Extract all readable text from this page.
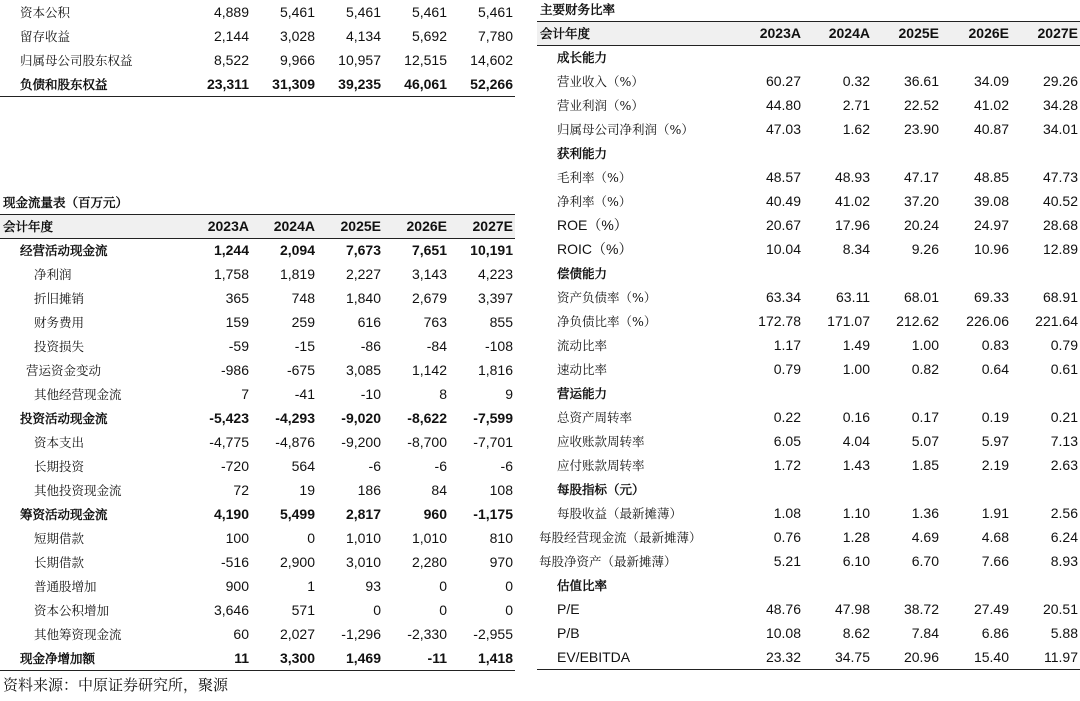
资本公积	4,889	5,461	5,461	5,461	5,461
留存收益	2,144	3,028	4,134	5,692	7,780
归属母公司股东权益	8,522	9,966	10,957	12,515	14,602
负债和股东权益	23,311	31,309	39,235	46,061	52,266
现金流量表（百万元）
会计年度	2023A	2024A	2025E	2026E	2027E
经营活动现金流	1,244	2,094	7,673	7,651	10,191
净利润	1,758	1,819	2,227	3,143	4,223
折旧摊销	365	748	1,840	2,679	3,397
财务费用	159	259	616	763	855
投资损失	-59	-15	-86	-84	-108
营运资金变动	-986	-675	3,085	1,142	1,816
其他经营现金流	7	-41	-10	8	9
投资活动现金流	-5,423	-4,293	-9,020	-8,622	-7,599
资本支出	-4,775	-4,876	-9,200	-8,700	-7,701
长期投资	-720	564	-6	-6	-6
其他投资现金流	72	19	186	84	108
筹资活动现金流	4,190	5,499	2,817	960	-1,175
短期借款	100	0	1,010	1,010	810
长期借款	-516	2,900	3,010	2,280	970
普通股增加	900	1	93	0	0
资本公积增加	3,646	571	0	0	0
其他筹资现金流	60	2,027	-1,296	-2,330	-2,955
现金净增加额	11	3,300	1,469	-11	1,418
主要财务比率
会计年度	2023A	2024A	2025E	2026E	2027E
成长能力					
营业收入（%）	60.27	0.32	36.61	34.09	29.26
营业利润（%）	44.80	2.71	22.52	41.02	34.28
归属母公司净利润（%）	47.03	1.62	23.90	40.87	34.01
获利能力					
毛利率（%）	48.57	48.93	47.17	48.85	47.73
净利率（%）	40.49	41.02	37.20	39.08	40.52
ROE（%）	20.67	17.96	20.24	24.97	28.68
ROIC（%）	10.04	8.34	9.26	10.96	12.89
偿债能力					
资产负债率（%）	63.34	63.11	68.01	69.33	68.91
净负债比率（%）	172.78	171.07	212.62	226.06	221.64
流动比率	1.17	1.49	1.00	0.83	0.79
速动比率	0.79	1.00	0.82	0.64	0.61
营运能力					
总资产周转率	0.22	0.16	0.17	0.19	0.21
应收账款周转率	6.05	4.04	5.07	5.97	7.13
应付账款周转率	1.72	1.43	1.85	2.19	2.63
每股指标（元）					
每股收益（最新摊薄）	1.08	1.10	1.36	1.91	2.56
每股经营现金流（最新摊薄）	0.76	1.28	4.69	4.68	6.24
每股净资产（最新摊薄）	5.21	6.10	6.70	7.66	8.93
估值比率					
P/E	48.76	47.98	38.72	27.49	20.51
P/B	10.08	8.62	7.84	6.86	5.88
EV/EBITDA	23.32	34.75	20.96	15.40	11.97
资料来源：中原证券研究所，聚源
